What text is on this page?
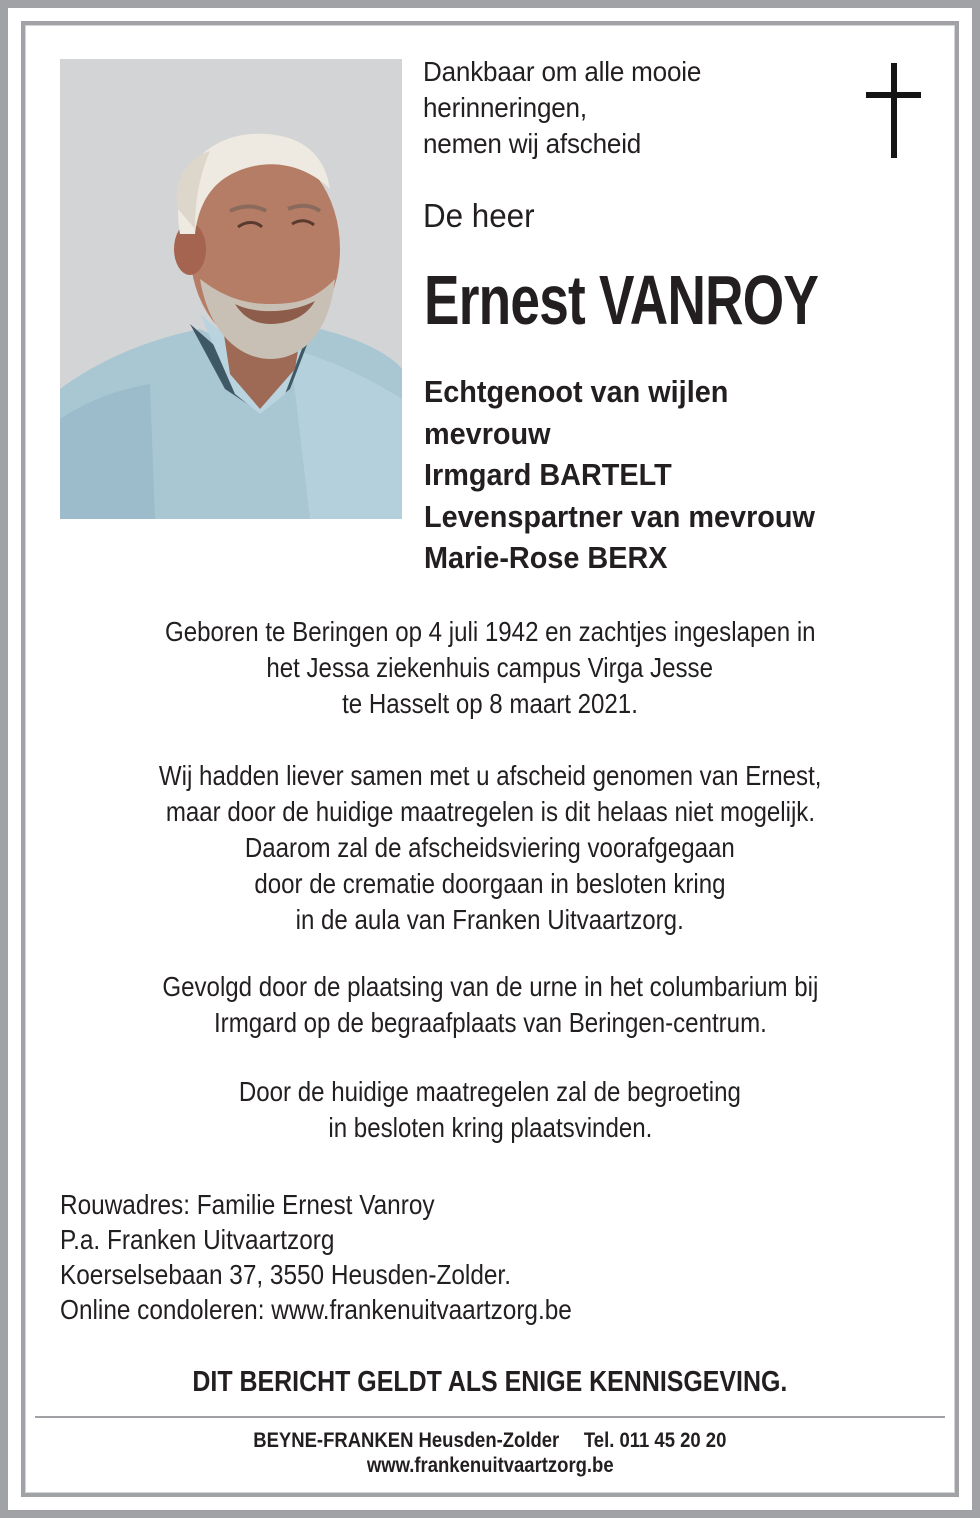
Dankbaar om alle mooie
herinneringen,
nemen wij afscheid
De heer
Ernest VANROY
Echtgenoot van wijlen
mevrouw
Irmgard BARTELT
Levenspartner van mevrouw
Marie-Rose BERX
Geboren te Beringen op 4 juli 1942 en zachtjes ingeslapen in
het Jessa ziekenhuis campus Virga Jesse
te Hasselt op 8 maart 2021.
Wij hadden liever samen met u afscheid genomen van Ernest,
maar door de huidige maatregelen is dit helaas niet mogelijk.
Daarom zal de afscheidsviering voorafgegaan
door de crematie doorgaan in besloten kring
in de aula van Franken Uitvaartzorg.
Gevolgd door de plaatsing van de urne in het columbarium bij
Irmgard op de begraafplaats van Beringen-centrum.
Door de huidige maatregelen zal de begroeting
in besloten kring plaatsvinden.
Rouwadres: Familie Ernest Vanroy
P.a. Franken Uitvaartzorg
Koerselsebaan 37, 3550 Heusden-Zolder.
Online condoleren: www.frankenuitvaartzorg.be
DIT BERICHT GELDT ALS ENIGE KENNISGEVING.
BEYNE-FRANKEN Heusden-Zolder Tel. 011 45 20 20
www.frankenuitvaartzorg.be
